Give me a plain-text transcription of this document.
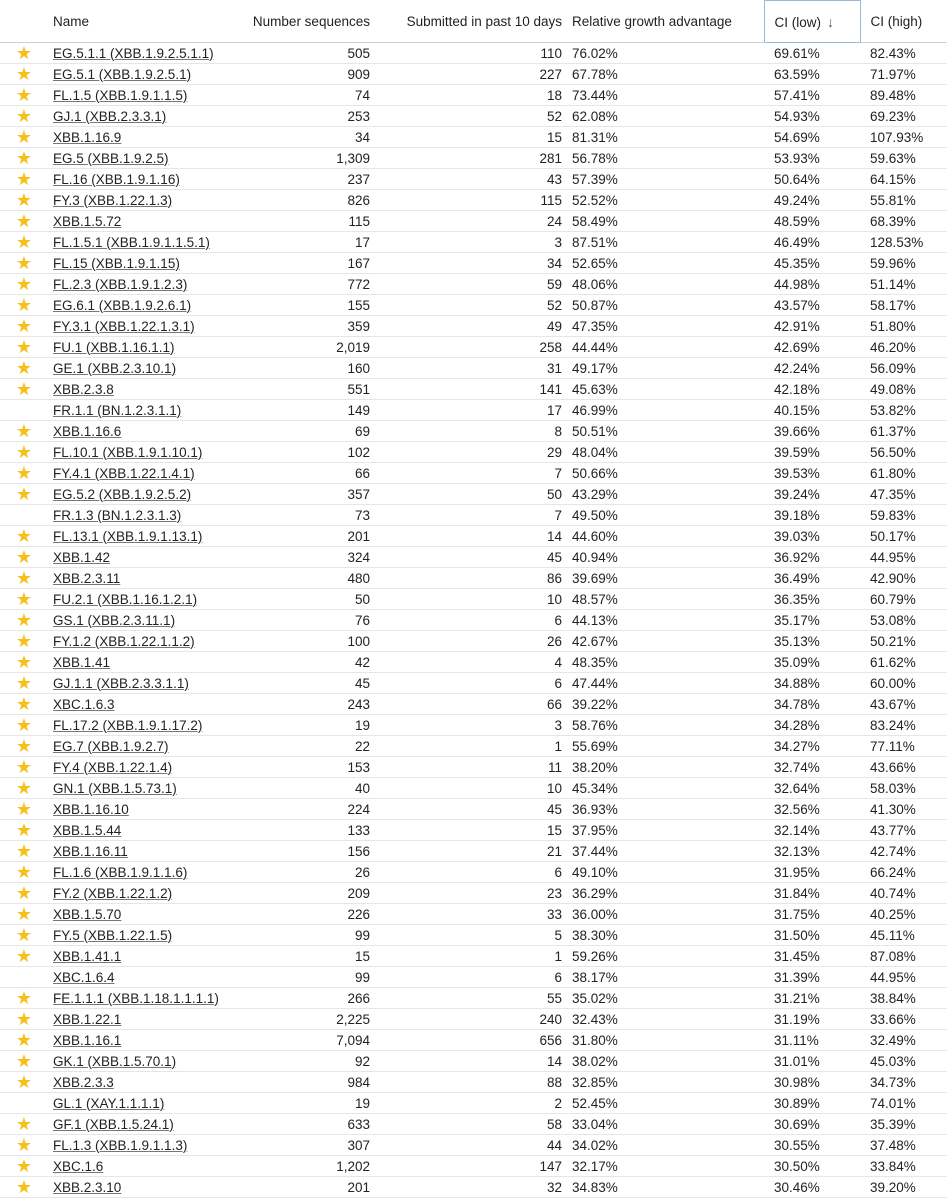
	Name	Number sequences	Submitted in past 10 days	Relative growth advantage	CI (low) ↓	CI (high)
★	EG.5.1.1 (XBB.1.9.2.5.1.1)	505	110	76.02%	69.61%	82.43%
★	EG.5.1 (XBB.1.9.2.5.1)	909	227	67.78%	63.59%	71.97%
★	FL.1.5 (XBB.1.9.1.1.5)	74	18	73.44%	57.41%	89.48%
★	GJ.1 (XBB.2.3.3.1)	253	52	62.08%	54.93%	69.23%
★	XBB.1.16.9	34	15	81.31%	54.69%	107.93%
★	EG.5 (XBB.1.9.2.5)	1,309	281	56.78%	53.93%	59.63%
★	FL.16 (XBB.1.9.1.16)	237	43	57.39%	50.64%	64.15%
★	FY.3 (XBB.1.22.1.3)	826	115	52.52%	49.24%	55.81%
★	XBB.1.5.72	115	24	58.49%	48.59%	68.39%
★	FL.1.5.1 (XBB.1.9.1.1.5.1)	17	3	87.51%	46.49%	128.53%
★	FL.15 (XBB.1.9.1.15)	167	34	52.65%	45.35%	59.96%
★	FL.2.3 (XBB.1.9.1.2.3)	772	59	48.06%	44.98%	51.14%
★	EG.6.1 (XBB.1.9.2.6.1)	155	52	50.87%	43.57%	58.17%
★	FY.3.1 (XBB.1.22.1.3.1)	359	49	47.35%	42.91%	51.80%
★	FU.1 (XBB.1.16.1.1)	2,019	258	44.44%	42.69%	46.20%
★	GE.1 (XBB.2.3.10.1)	160	31	49.17%	42.24%	56.09%
★	XBB.2.3.8	551	141	45.63%	42.18%	49.08%
	FR.1.1 (BN.1.2.3.1.1)	149	17	46.99%	40.15%	53.82%
★	XBB.1.16.6	69	8	50.51%	39.66%	61.37%
★	FL.10.1 (XBB.1.9.1.10.1)	102	29	48.04%	39.59%	56.50%
★	FY.4.1 (XBB.1.22.1.4.1)	66	7	50.66%	39.53%	61.80%
★	EG.5.2 (XBB.1.9.2.5.2)	357	50	43.29%	39.24%	47.35%
	FR.1.3 (BN.1.2.3.1.3)	73	7	49.50%	39.18%	59.83%
★	FL.13.1 (XBB.1.9.1.13.1)	201	14	44.60%	39.03%	50.17%
★	XBB.1.42	324	45	40.94%	36.92%	44.95%
★	XBB.2.3.11	480	86	39.69%	36.49%	42.90%
★	FU.2.1 (XBB.1.16.1.2.1)	50	10	48.57%	36.35%	60.79%
★	GS.1 (XBB.2.3.11.1)	76	6	44.13%	35.17%	53.08%
★	FY.1.2 (XBB.1.22.1.1.2)	100	26	42.67%	35.13%	50.21%
★	XBB.1.41	42	4	48.35%	35.09%	61.62%
★	GJ.1.1 (XBB.2.3.3.1.1)	45	6	47.44%	34.88%	60.00%
★	XBC.1.6.3	243	66	39.22%	34.78%	43.67%
★	FL.17.2 (XBB.1.9.1.17.2)	19	3	58.76%	34.28%	83.24%
★	EG.7 (XBB.1.9.2.7)	22	1	55.69%	34.27%	77.11%
★	FY.4 (XBB.1.22.1.4)	153	11	38.20%	32.74%	43.66%
★	GN.1 (XBB.1.5.73.1)	40	10	45.34%	32.64%	58.03%
★	XBB.1.16.10	224	45	36.93%	32.56%	41.30%
★	XBB.1.5.44	133	15	37.95%	32.14%	43.77%
★	XBB.1.16.11	156	21	37.44%	32.13%	42.74%
★	FL.1.6 (XBB.1.9.1.1.6)	26	6	49.10%	31.95%	66.24%
★	FY.2 (XBB.1.22.1.2)	209	23	36.29%	31.84%	40.74%
★	XBB.1.5.70	226	33	36.00%	31.75%	40.25%
★	FY.5 (XBB.1.22.1.5)	99	5	38.30%	31.50%	45.11%
★	XBB.1.41.1	15	1	59.26%	31.45%	87.08%
	XBC.1.6.4	99	6	38.17%	31.39%	44.95%
★	FE.1.1.1 (XBB.1.18.1.1.1.1)	266	55	35.02%	31.21%	38.84%
★	XBB.1.22.1	2,225	240	32.43%	31.19%	33.66%
★	XBB.1.16.1	7,094	656	31.80%	31.11%	32.49%
★	GK.1 (XBB.1.5.70.1)	92	14	38.02%	31.01%	45.03%
★	XBB.2.3.3	984	88	32.85%	30.98%	34.73%
	GL.1 (XAY.1.1.1.1)	19	2	52.45%	30.89%	74.01%
★	GF.1 (XBB.1.5.24.1)	633	58	33.04%	30.69%	35.39%
★	FL.1.3 (XBB.1.9.1.1.3)	307	44	34.02%	30.55%	37.48%
★	XBC.1.6	1,202	147	32.17%	30.50%	33.84%
★	XBB.2.3.10	201	32	34.83%	30.46%	39.20%
